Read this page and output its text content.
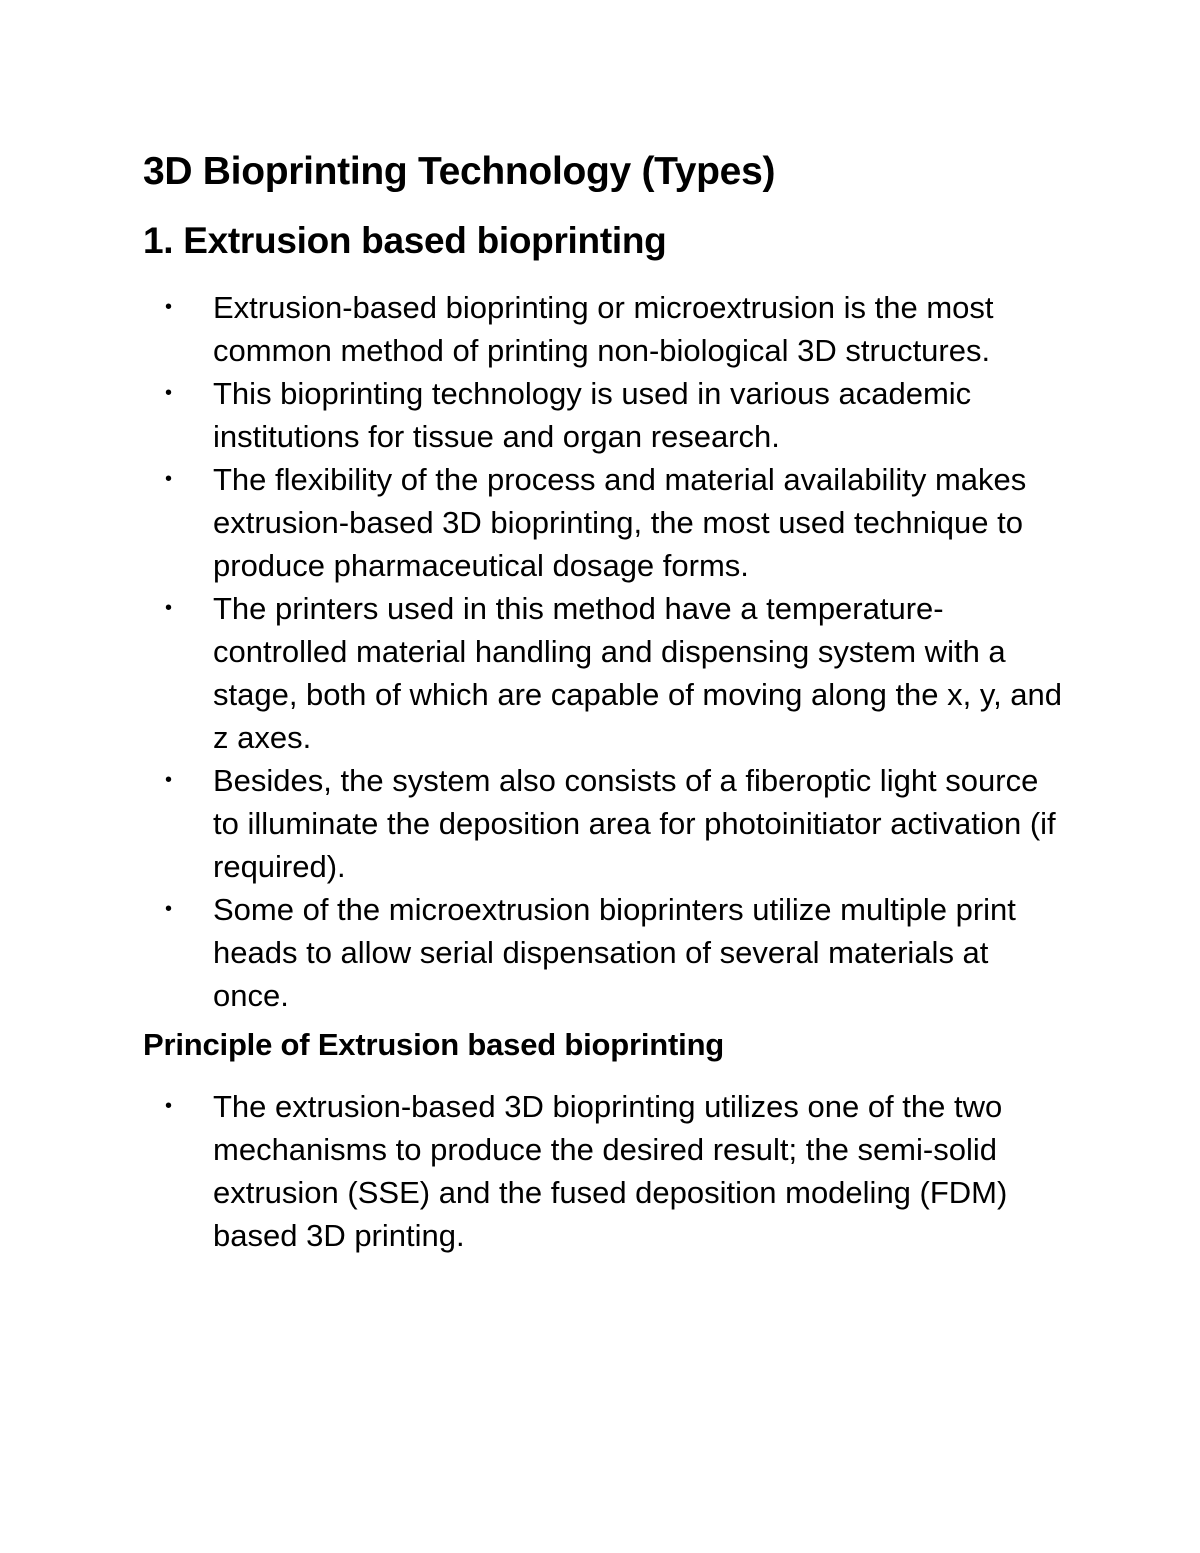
3D Bioprinting Technology (Types)
1. Extrusion based bioprinting
• Extrusion-based bioprinting or microextrusion is the most common method of printing non-biological 3D structures.
• This bioprinting technology is used in various academic institutions for tissue and organ research.
• The flexibility of the process and material availability makes extrusion-based 3D bioprinting, the most used technique to produce pharmaceutical dosage forms.
• The printers used in this method have a temperature-controlled material handling and dispensing system with a stage, both of which are capable of moving along the x, y, and z axes.
• Besides, the system also consists of a fiberoptic light source to illuminate the deposition area for photoinitiator activation (if required).
• Some of the microextrusion bioprinters utilize multiple print heads to allow serial dispensation of several materials at once.
Principle of Extrusion based bioprinting
• The extrusion-based 3D bioprinting utilizes one of the two mechanisms to produce the desired result; the semi-solid extrusion (SSE) and the fused deposition modeling (FDM) based 3D printing.
